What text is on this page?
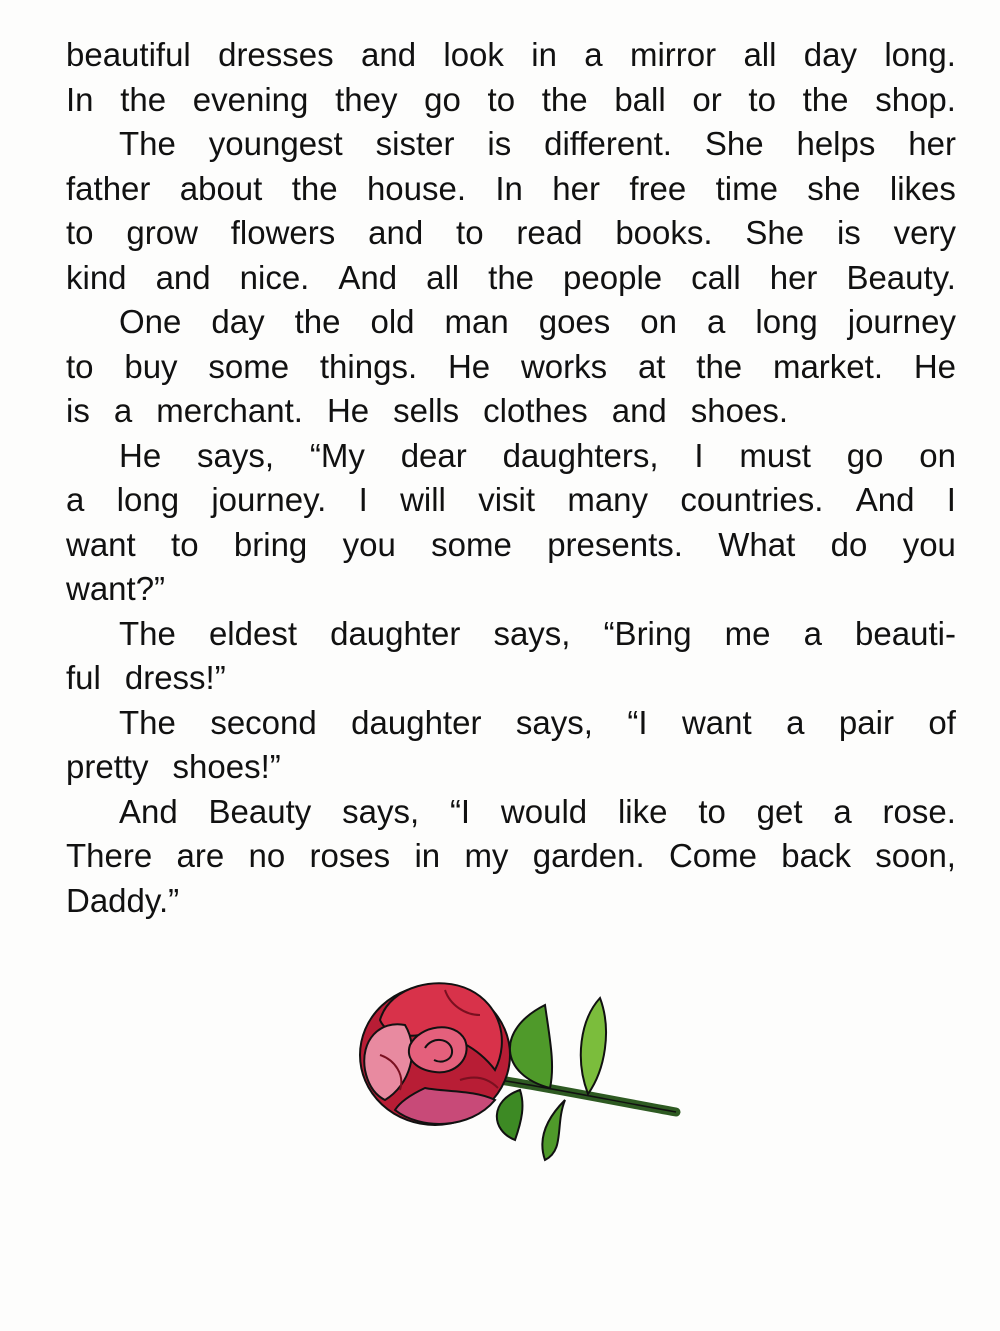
beautiful dresses and look in a mirror all day long.
In the evening they go to the ball or to the shop.
The youngest sister is different. She helps her
father about the house. In her free time she likes
to grow flowers and to read books. She is very
kind and nice. And all the people call her Beauty.
One day the old man goes on a long journey
to buy some things. He works at the market. He
is a merchant. He sells clothes and shoes.
He says, “My dear daughters, I must go on
a long journey. I will visit many countries. And I
want to bring you some presents. What do you
want?”
The eldest daughter says, “Bring me a beauti-
ful dress!”
The second daughter says, “I want a pair of
pretty shoes!”
And Beauty says, “I would like to get a rose.
There are no roses in my garden. Come back soon,
Daddy.”
